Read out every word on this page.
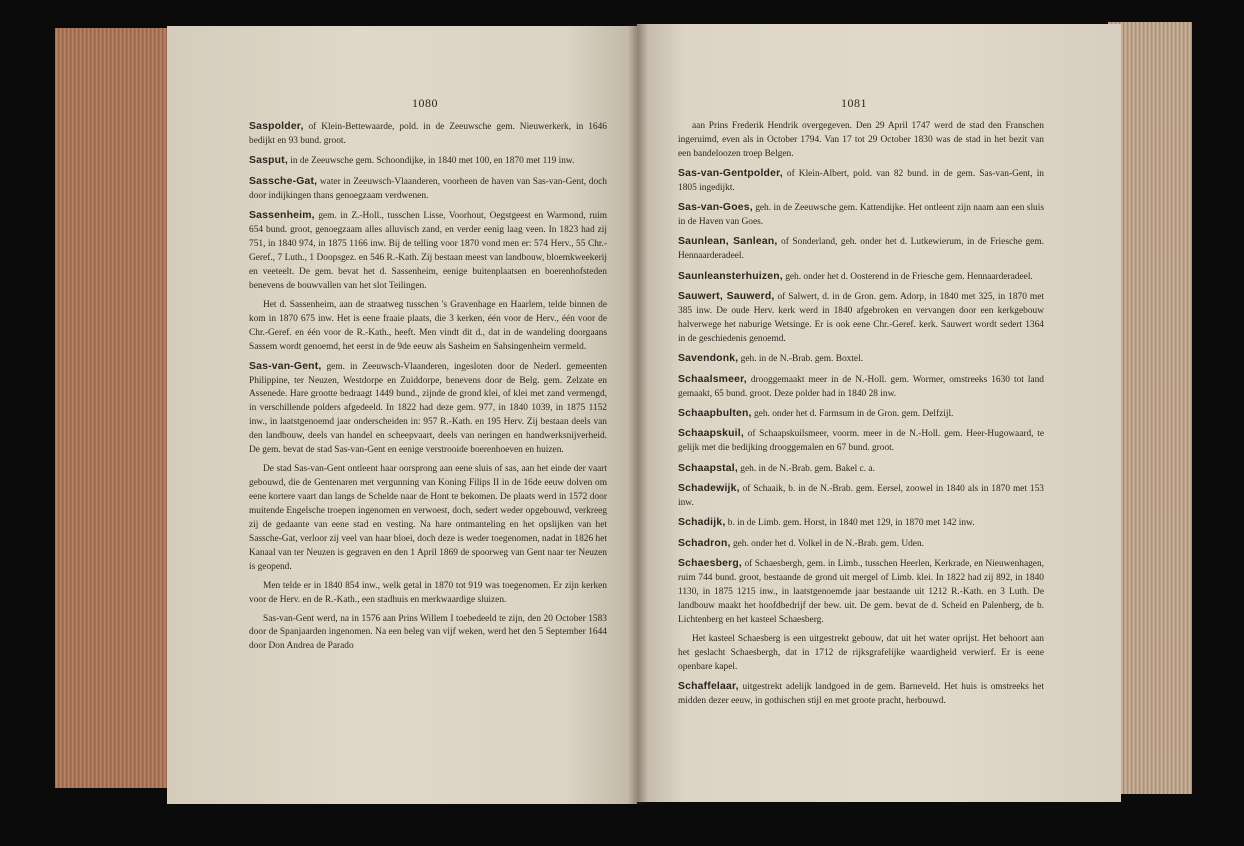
1080	1081

Saspolder, of Klein-Bettewaarde, pold. in de Zeeuwsche gem. Nieuwerkerk, in 1646 bedijkt en 93 bund. groot.

Sasput, in de Zeeuwsche gem. Schoondijke, in 1840 met 100, en 1870 met 119 inw.

Sassche-Gat, water in Zeeuwsch-Vlaanderen, voorheen de haven van Sas-van-Gent, doch door indijkingen thans genoegzaam verdwenen.

Sassenheim, gem. in Z.-Holl., tusschen Lisse, Voorhout, Oegstgeest en Warmond, ruim 654 bund. groot, genoegzaam alles alluvisch zand, en verder eenig laag veen. In 1823 had zij 751, in 1840 974, in 1875 1166 inw. Bij de telling voor 1870 vond men er: 574 Herv., 55 Chr.-Geref., 7 Luth., 1 Doopsgez. en 546 R.-Kath. Zij bestaan meest van landbouw, bloemkweekerij en veeteelt. De gem. bevat het d. Sassenheim, eenige buitenplaatsen en boerenhofsteden benevens de bouwvallen van het slot Teilingen.

Het d. Sassenheim, aan de straatweg tusschen 's Gravenhage en Haarlem, telde binnen de kom in 1870 675 inw. Het is eene fraaie plaats, die 3 kerken, één voor de Herv., één voor de Chr.-Geref. en één voor de R.-Kath., heeft. Men vindt dit d., dat in de wandeling doorgaans Sassem wordt genoemd, het eerst in de 9de eeuw als Sasheim en Sahsingenheim vermeld.

Sas-van-Gent, gem. in Zeeuwsch-Vlaanderen, ingesloten door de Nederl. gemeenten Philippine, ter Neuzen, Westdorpe en Zuiddorpe, benevens door de Belg. gem. Zelzate en Assenede. Hare grootte bedraagt 1449 bund., zijnde de grond klei, of klei met zand vermengd, in verschillende polders afgedeeld. In 1822 had deze gem. 977, in 1840 1039, in 1875 1152 inw., in laatstgenoemd jaar onderscheiden in: 957 R.-Kath. en 195 Herv. Zij bestaan deels van den landbouw, deels van handel en scheepvaart, deels van neringen en handwerksnijverheid. De gem. bevat de stad Sas-van-Gent en eenige verstrooide boerenhoeven en huizen.

De stad Sas-van-Gent ontleent haar oorsprong aan eene sluis of sas, aan het einde der vaart gebouwd, die de Gentenaren met vergunning van Koning Filips II in de 16de eeuw dolven om eene kortere vaart dan langs de Schelde naar de Hont te bekomen. De plaats werd in 1572 door muitende Engelsche troepen ingenomen en verwoest, doch, sedert weder opgebouwd, verkreeg zij de gedaante van eene stad en vesting. Na hare ontmanteling en het opslijken van het Sassche-Gat, verloor zij veel van haar bloei, doch deze is weder toegenomen, nadat in 1826 het Kanaal van ter Neuzen is gegraven en den 1 April 1869 de spoorweg van Gent naar ter Neuzen is geopend.

Men telde er in 1840 854 inw., welk getal in 1870 tot 919 was toegenomen. Er zijn kerken voor de Herv. en de R.-Kath., een stadhuis en merkwaardige sluizen.

Sas-van-Gent werd, na in 1576 aan Prins Willem I toebedeeld te zijn, den 20 October 1583 door de Spanjaarden ingenomen. Na een beleg van vijf weken, werd het den 5 September 1644 door Don Andrea de Parado

aan Prins Frederik Hendrik overgegeven. Den 29 April 1747 werd de stad den Franschen ingeruimd, even als in October 1794. Van 17 tot 29 October 1830 was de stad in het bezit van een bandeloozen troep Belgen.

Sas-van-Gentpolder, of Klein-Albert, pold. van 82 bund. in de gem. Sas-van-Gent, in 1805 ingedijkt.

Sas-van-Goes, geh. in de Zeeuwsche gem. Kattendijke. Het ontleent zijn naam aan een sluis in de Haven van Goes.

Saunlean, Sanlean, of Sonderland, geh. onder het d. Lutkewierum, in de Friesche gem. Hennaarderadeel.

Saunleansterhuizen, geh. onder het d. Oosterend in de Friesche gem. Hennaarderadeel.

Sauwert, Sauwerd, of Salwert, d. in de Gron. gem. Adorp, in 1840 met 325, in 1870 met 385 inw. De oude Herv. kerk werd in 1840 afgebroken en vervangen door een kerkgebouw halverwege het naburige Wetsinge. Er is ook eene Chr.-Geref. kerk. Sauwert wordt sedert 1364 in de geschiedenis genoemd.

Savendonk, geh. in de N.-Brab. gem. Boxtel.

Schaalsmeer, drooggemaakt meer in de N.-Holl. gem. Wormer, omstreeks 1630 tot land gemaakt, 65 bund. groot. Deze polder had in 1840 28 inw.

Schaapbulten, geh. onder het d. Farmsum in de Gron. gem. Delfzijl.

Schaapskuil, of Schaapskuilsmeer, voorm. meer in de N.-Holl. gem. Heer-Hugowaard, te gelijk met die bedijking drooggemalen en 67 bund. groot.

Schaapstal, geh. in de N.-Brab. gem. Bakel c. a.

Schadewijk, of Schaaik, b. in de N.-Brab. gem. Eersel, zoowel in 1840 als in 1870 met 153 inw.

Schadijk, b. in de Limb. gem. Horst, in 1840 met 129, in 1870 met 142 inw.

Schadron, geh. onder het d. Volkel in de N.-Brab. gem. Uden.

Schaesberg, of Schaesbergh, gem. in Limb., tusschen Heerlen, Kerkrade, en Nieuwenhagen, ruim 744 bund. groot, bestaande de grond uit mergel of Limb. klei. In 1822 had zij 892, in 1840 1130, in 1875 1215 inw., in laatstgenoemde jaar bestaande uit 1212 R.-Kath. en 3 Luth. De landbouw maakt het hoofdbedrijf der bew. uit. De gem. bevat de d. Scheid en Palenberg, de b. Lichtenberg en het kasteel Schaesberg.

Het kasteel Schaesberg is een uitgestrekt gebouw, dat uit het water oprijst. Het behoort aan het geslacht Schaesbergh, dat in 1712 de rijksgrafelijke waardigheid verwierf. Er is eene openbare kapel.

Schaffelaar, uitgestrekt adelijk landgoed in de gem. Barneveld. Het huis is omstreeks het midden dezer eeuw, in gothischen stijl en met groote pracht, herbouwd.
